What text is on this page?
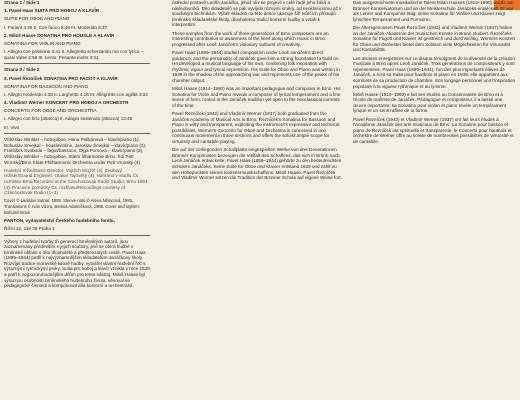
Strana 1 / Side 1

1. Pavel Haas SUITA PRO HOBOJ A KLAVÍR

SUITE FOR OBOE AND PIANO

I. Furiant 3:36 II. Con fuoco 5:49 III. Moderato 5:37

2. Miloš Haase SONATINA PRO HOUSLE A KLAVÍR

SONATINA FOR VIOLIN AND PIANO

I. Allegro con passione 3:41 II. Allegretto scherzando ma con lyrico – quasi valse 2:58 III. Lento. Pesante molto 3:31

Strana 2 / Side 2

3. Pavel Řezníček SONATINA PRO FAGOT A KLAVÍR

SONATINA FOR BASSOON AND PIANO

I. Allegro moderato 4:38 II. Larghetto 4:16 III. Allegretto con agilità 3:34

4. Vladimír Werner KONCERT PRO HOBOJ A ORCHESTR

CONCERTO FOR OBOE AND ORCHESTRA

I. Allegro con brio (attacca) II. Adagio sostenuto (attacca) 13:48

III. Vivo

Vítězslav Winkler – hobojoboe, Hana Pelikánová – klavír/piano (1), Bohuslav Smejkal – houslevioline, Jaroslav Šmejkal – klavír/piano (2), František Svoboda – fagot/bassoon, Olga Pomová – klavír/piano (3), Vítězslav Winkler – hobojoboe, Státní filharmonie Brno, řídí Petr Vronský/Brno State Philharmonic Orchestra under Petr Vronský (4)

Hudební režie/Music Director: Vojtěch Mojžíš (4), Zvukový režisér/Sound Engineer: Otakar Tajovský (4). Nahráno v studiu Čs. rozhlasu Brno/Recorded at the Czechoslovak Radio Studio, Brno 1984 (4). Pracovní pomůcky Čs. rozhlasu/Recordings courtesy of Czechoslovak Radio (1–3)

Cover © Ladislav Sutnar, 1985. Sleeve-note © Alena Němcová, 1985. Translations © Ivan Vávra, Bettina Adamíčková, 1985. Cover and stylism: Bohumil Brain

PANTON, vydavatelství Českého hudebního fondu,

Říční 12, 118 39 Praha 1

Výbory z hudební tvorby tří generací brněnských autorů, jsou zaznamenány především s jejich soubory, jiné se obírá hudbě v brněnské oblasti o této dlouholeté a předsevzatých cestě. Pavel Haas (1899–1944) patřil k nejvýznamnějším skladatelům Janáčkovy školy. Rozvíjel tradice moravské lidové hudby, vytvářel vlastní hudební řeč s výraznými rytmickými prvky. Suita pro hoboj a klavír vznikla v roce 1939 a patří k nejpozoruhodnějším dílům pro tento nástroj. Miloš Haase byl výraznou osobností brněnského hudebního života, věnoval se pedagogické činnosti a komponoval díla komorní a orchestrální.

ústřední postavě Leoše Janáčka, jehož vliv se projevil v celé řadě jeho žáků a následovníků. Dílo skladatelů se pak vyvíjelo různými směry, od neoklasicismu až k soudobým technikám. Výběr skladeb na této desce ukazuje šíři tvůrčích přístupů brněnské skladatelské školy, dlouholetou tradici komorní hudby a vztah k interpretům.

These samples from the work of three generations of Brno composers are an interesting contribution to awareness of the lines along which music in Brno progressed after Leoš Janáček's visionary outburst of creativity.

Pavel Haas (1899–1944) studied composition under Leoš Janáček's direct guidance, and the personality of Janáček gave him a strong foundation to build on. He developed a musical language of his own, combining folk inspiration with rhythmic vigour and lyrical expression. His Suite for Oboe and Piano was written in 1939 in the shadow of the approaching war and represents one of the peaks of his chamber output.

Miloš Haase (1914–1990) was an important pedagogue and composer in Brno. His Sonatina for Violin and Piano reveals a composer of lyrical temperament and a fine sense of form, rooted in the Janáček tradition yet open to the neoclassical currents of the time.

Pavel Řezníček (1942) and Vladimír Werner (1937) both graduated from the Janáček Academy of Musical Arts in Brno. Řezníček's Sonatina for Bassoon and Piano is witty and transparent, exploiting the instrument's expressive and technical possibilities. Werner's Concerto for Oboe and Orchestra is conceived in one continuous movement in three sections and offers the soloist ample scope for virtuosity and cantabile playing.

Die auf der vorliegenden Schallplatte eingespielten Werke von drei Generationen Brünner Komponisten bezeugen die Vielfalt des Schaffens, das sich in Brünn nach Leoš Janáček entwickelte. Pavel Haas (1899–1944) gehörte zu den bedeutendsten Schülern Janáčeks. Seine Suite für Oboe und Klavier entstand 1939 und zählt zu den Höhepunkten seines Kammermusikschaffens. Miloš Haase, Pavel Řezníček und Vladimír Werner setzen die Tradition der Brünner Schule auf eigene Weise fort.

Das ausgezeichnete musikalische Talent Milan Haases (1914–1990) wurde am Brünner Konservatorium und an der Meisterschule Janáčeks entwickelt. Er war als Lehrer und Komponist tätig; seine Sonatine für Violine und Klavier zeigt lyrisches Temperament und Formsinn.

Die Altersgenossen Pavel Řezníček (1942) und Vladimír Werner (1937) haben an der Janáček-Akademie der musischen Künste in Brünn studiert. Řezníčeks Sonatine für Fagott und Klavier ist geistreich und durchsichtig, Werners Konzert für Oboe und Orchester bietet dem Solisten viele Möglichkeiten für Virtuosität und Kantabilität.

Les œuvres enregistrées sur ce disque témoignent de la diversité de la création musicale à Brno après Leoš Janáček. Trois générations de compositeurs y sont représentées. Pavel Haas (1899–1944), l'un des plus importants élèves de Janáček, a écrit sa Suite pour hautbois et piano en 1939; elle appartient aux sommets de sa production de chambre. Son langage personnel unit l'inspiration populaire à la vigueur rythmique et au lyrisme.

Miloš Haase (1914–1990) a fait ses études au Conservatoire de Brno et à l'école de maîtrise de Janáček. Pédagogue et compositeur, il a laissé une œuvre importante; sa Sonatine pour violon et piano révèle un tempérament lyrique et un sens raffiné de la forme.

Pavel Řezníček (1942) et Vladimír Werner (1937) ont fait leurs études à l'Académie Janáček des arts musicaux de Brno. La Sonatine pour basson et piano de Řezníček est spirituelle et transparente, le Concerto pour hautbois et orchestre de Werner offre au soliste de nombreuses possibilités de virtuosité et de cantabile.
